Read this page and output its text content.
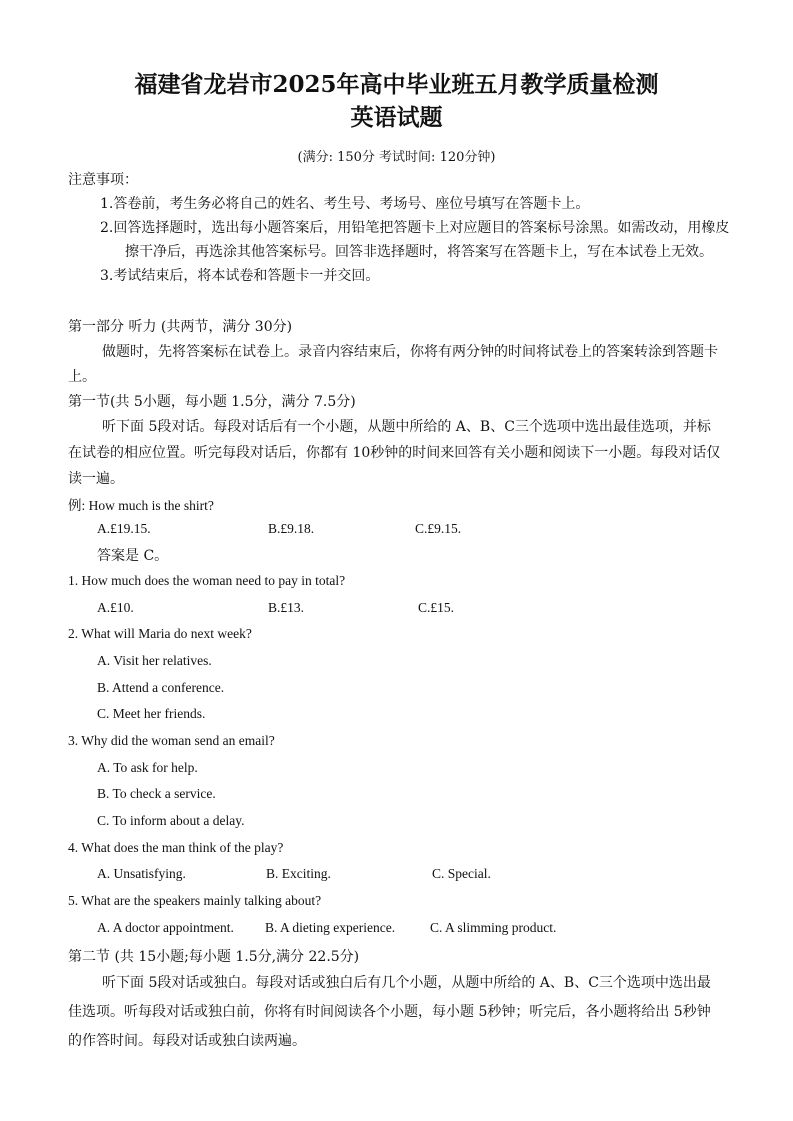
福建省龙岩市2025年高中毕业班五月教学质量检测
英语试题
(满分: 150分 考试时间: 120分钟)
注意事项：
1.答卷前，考生务必将自己的姓名、考生号、考场号、座位号填写在答题卡上。
2.回答选择题时，选出每小题答案后，用铅笔把答题卡上对应题目的答案标号涂黑。如需改动，用橡皮
擦干净后，再选涂其他答案标号。回答非选择题时，将答案写在答题卡上，写在本试卷上无效。
3.考试结束后，将本试卷和答题卡一并交回。
第一部分 听力 (共两节，满分 30分)
做题时，先将答案标在试卷上。录音内容结束后，你将有两分钟的时间将试卷上的答案转涂到答题卡
上。
第一节(共 5小题，每小题 1.5分，满分 7.5分)
听下面 5段对话。每段对话后有一个小题，从题中所给的 A、B、C三个选项中选出最佳选项，并标
在试卷的相应位置。听完每段对话后，你都有 10秒钟的时间来回答有关小题和阅读下一小题。每段对话仅
读一遍。
例: How much is the shirt?
A.£19.15.	B.£9.18.	C.£9.15.
答案是 C。
1. How much does the woman need to pay in total?
A.£10.	B.£13.	C.£15.
2. What will Maria do next week?
A. Visit her relatives.
B. Attend a conference.
C. Meet her friends.
3. Why did the woman send an email?
A. To ask for help.
B. To check a service.
C. To inform about a delay.
4. What does the man think of the play?
A. Unsatisfying.	B. Exciting.	C. Special.
5. What are the speakers mainly talking about?
A. A doctor appointment. B. A dieting experience.	C. A slimming product.
第二节 (共 15小题;每小题 1.5分,满分 22.5分)
听下面 5段对话或独白。每段对话或独白后有几个小题，从题中所给的 A、B、C三个选项中选出最
佳选项。听每段对话或独白前，你将有时间阅读各个小题，每小题 5秒钟；听完后，各小题将给出 5秒钟
的作答时间。每段对话或独白读两遍。
